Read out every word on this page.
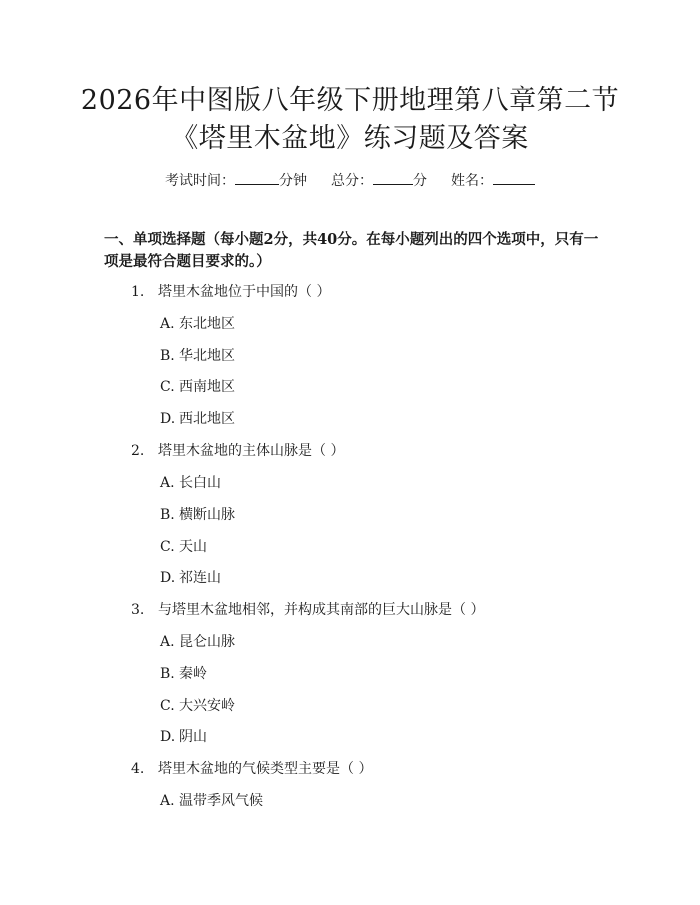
2026年中图版八年级下册地理第八章第二节
《塔里木盆地》练习题及答案
考试时间：	分钟 总分：	分 姓名：
一、单项选择题（每小题2分，共40分。在每小题列出的四个选项中，只有一项是最符合题目要求的。）
1. 塔里木盆地位于中国的（ ）
A. 东北地区
B. 华北地区
C. 西南地区
D. 西北地区
2. 塔里木盆地的主体山脉是（ ）
A. 长白山
B. 横断山脉
C. 天山
D. 祁连山
3. 与塔里木盆地相邻，并构成其南部的巨大山脉是（ ）
A. 昆仑山脉
B. 秦岭
C. 大兴安岭
D. 阴山
4. 塔里木盆地的气候类型主要是（ ）
A. 温带季风气候
